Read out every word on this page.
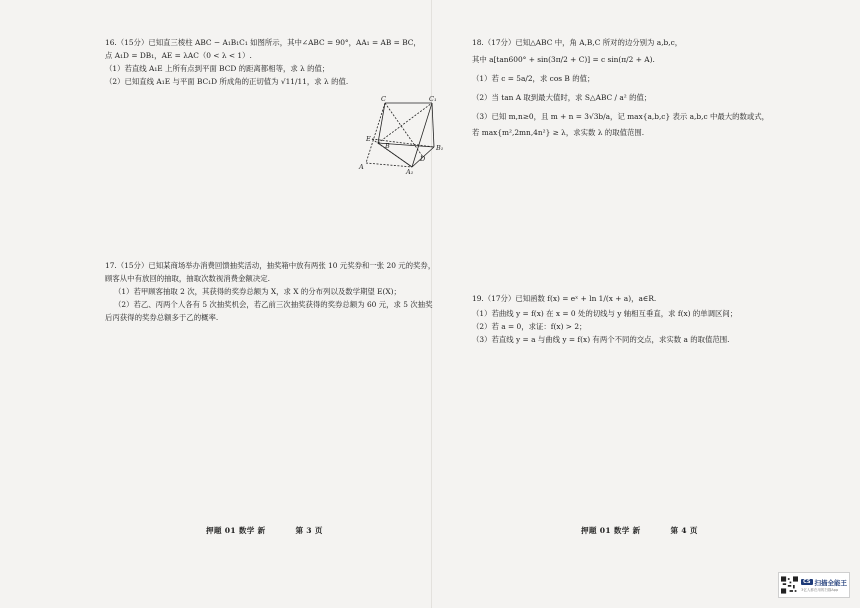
16.（15分）已知直三棱柱 ABC − A₁B₁C₁ 如图所示，其中∠ABC = 90°，AA₁ = AB = BC，
点 A₁D = DB₁，AE = λAC（0 < λ < 1）.
（1）若直线 A₁E 上所有点到平面 BCD 的距离都相等，求 λ 的值；
（2）已知直线 A₁E 与平面 BC₁D 所成角的正切值为 √11/11，求 λ 的值.
C	C₁
E
B	B₁
D
A
A₁
17.（15分）已知某商场举办消费回馈抽奖活动，抽奖箱中放有两张 10 元奖券和一张 20 元的奖券，
顾客从中有放回的抽取，抽取次数视消费金额决定.
（1）若甲顾客抽取 2 次，其获得的奖券总额为 X，求 X 的分布列以及数学期望 E(X)；
（2）若乙、丙两个人各有 5 次抽奖机会，若乙前三次抽奖获得的奖券总额为 60 元，求 5 次抽奖
后丙获得的奖券总额多于乙的概率.
押题 01 数学 新	第 3 页
18.（17分）已知△ABC 中，角 A,B,C 所对的边分别为 a,b,c，
其中 a[tan600° + sin(3π/2 + C)] = c sin(π/2 + A).
（1）若 c = 5a/2，求 cos B 的值；
（2）当 tan A 取到最大值时，求 S△ABC / a² 的值；
（3）已知 m,n≥0，且 m + n = 3√3b/a，记 max{a,b,c} 表示 a,b,c 中最大的数或式，
若 max{m²,2mn,4n²} ≥ λ，求实数 λ 的取值范围.
19.（17分）已知函数 f(x) = eˣ + ln 1/(x + a)，a∈R.
（1）若曲线 y = f(x) 在 x = 0 处的切线与 y 轴相互垂直，求 f(x) 的单调区间；
（2）若 a = 0，求证：f(x) > 2；
（3）若直线 y = a 与曲线 y = f(x) 有两个不同的交点，求实数 a 的取值范围.
押题 01 数学 新	第 4 页
CS 扫描全能王
3亿人都在用的扫描App
